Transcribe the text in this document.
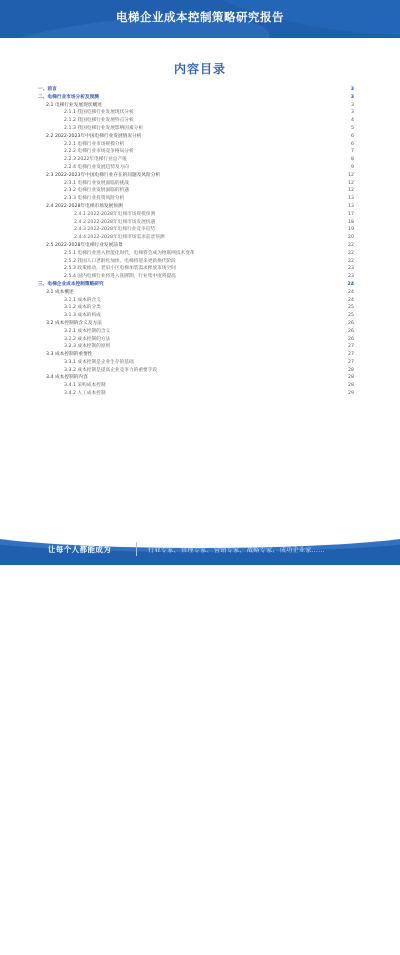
电梯企业成本控制策略研究报告
内容目录
一、前言	3
二、电梯行业市场分析及预测	3
2.1 电梯行业发展现状概述	3
2.1.1 我国电梯行业发展现状分析	3
2.1.2 我国电梯行业发展特点分析	4
2.1.3 我国电梯行业发展影响因素分析	5
2.2 2022-2023年中国电梯行业发展情况分析	6
2.2.1 电梯行业市场规模分析	6
2.2.2 电梯行业市场竞争格局分析	7
2.2.3 2022年电梯行业总产值	8
2.2.4 电梯行业发展趋势及方向	9
2.3 2022-2023年中国电梯行业存在的问题及风险分析	12
2.3.1 电梯行业发展面临的挑战	12
2.3.2 电梯行业发展面临的机遇	12
2.3.3 电梯行业投资风险分析	13
2.4 2022-2028年电梯市场发展预测	13
2.4.1 2022-2028年电梯市场规模预测	17
2.4.2 2022-2028年电梯市场发展机遇	18
2.4.3 2022-2028年电梯行业竞争趋势	19
2.4.4 2022-2028年电梯市场需求前景预测	20
2.5 2022-2028年电梯行业发展前景	22
2.5.1 电梯行业进入智能化时代，电梯将会成为物联网技术变革	22
2.5.2 我国人口老龄化加快，电梯将迎来更新换代阶段	22
2.5.3 政策推动，老旧小区电梯加装需求释放市场空间	23
2.5.4 国内电梯行业将进入洗牌期，行业集中度将提高	23
三、电梯企业成本控制策略研究	24
3.1 成本概述	24
3.1.1 成本的含义	24
3.1.2 成本的分类	25
3.1.3 成本的构成	25
3.2 成本控制的含义及方法	26
3.2.1 成本控制的含义	26
3.2.2 成本控制的方法	26
3.2.3 成本控制的原则	27
3.3 成本控制的重要性	27
3.3.1 成本控制是企业生存的基础	27
3.3.2 成本控制是提高企业竞争力的重要手段	28
3.4 成本控制的内容	28
3.4.1 采购成本控制	28
3.4.2 人工成本控制	29
让每个人都能成为	行业专家、管理专家、营销专家、战略专家、成功企业家……
